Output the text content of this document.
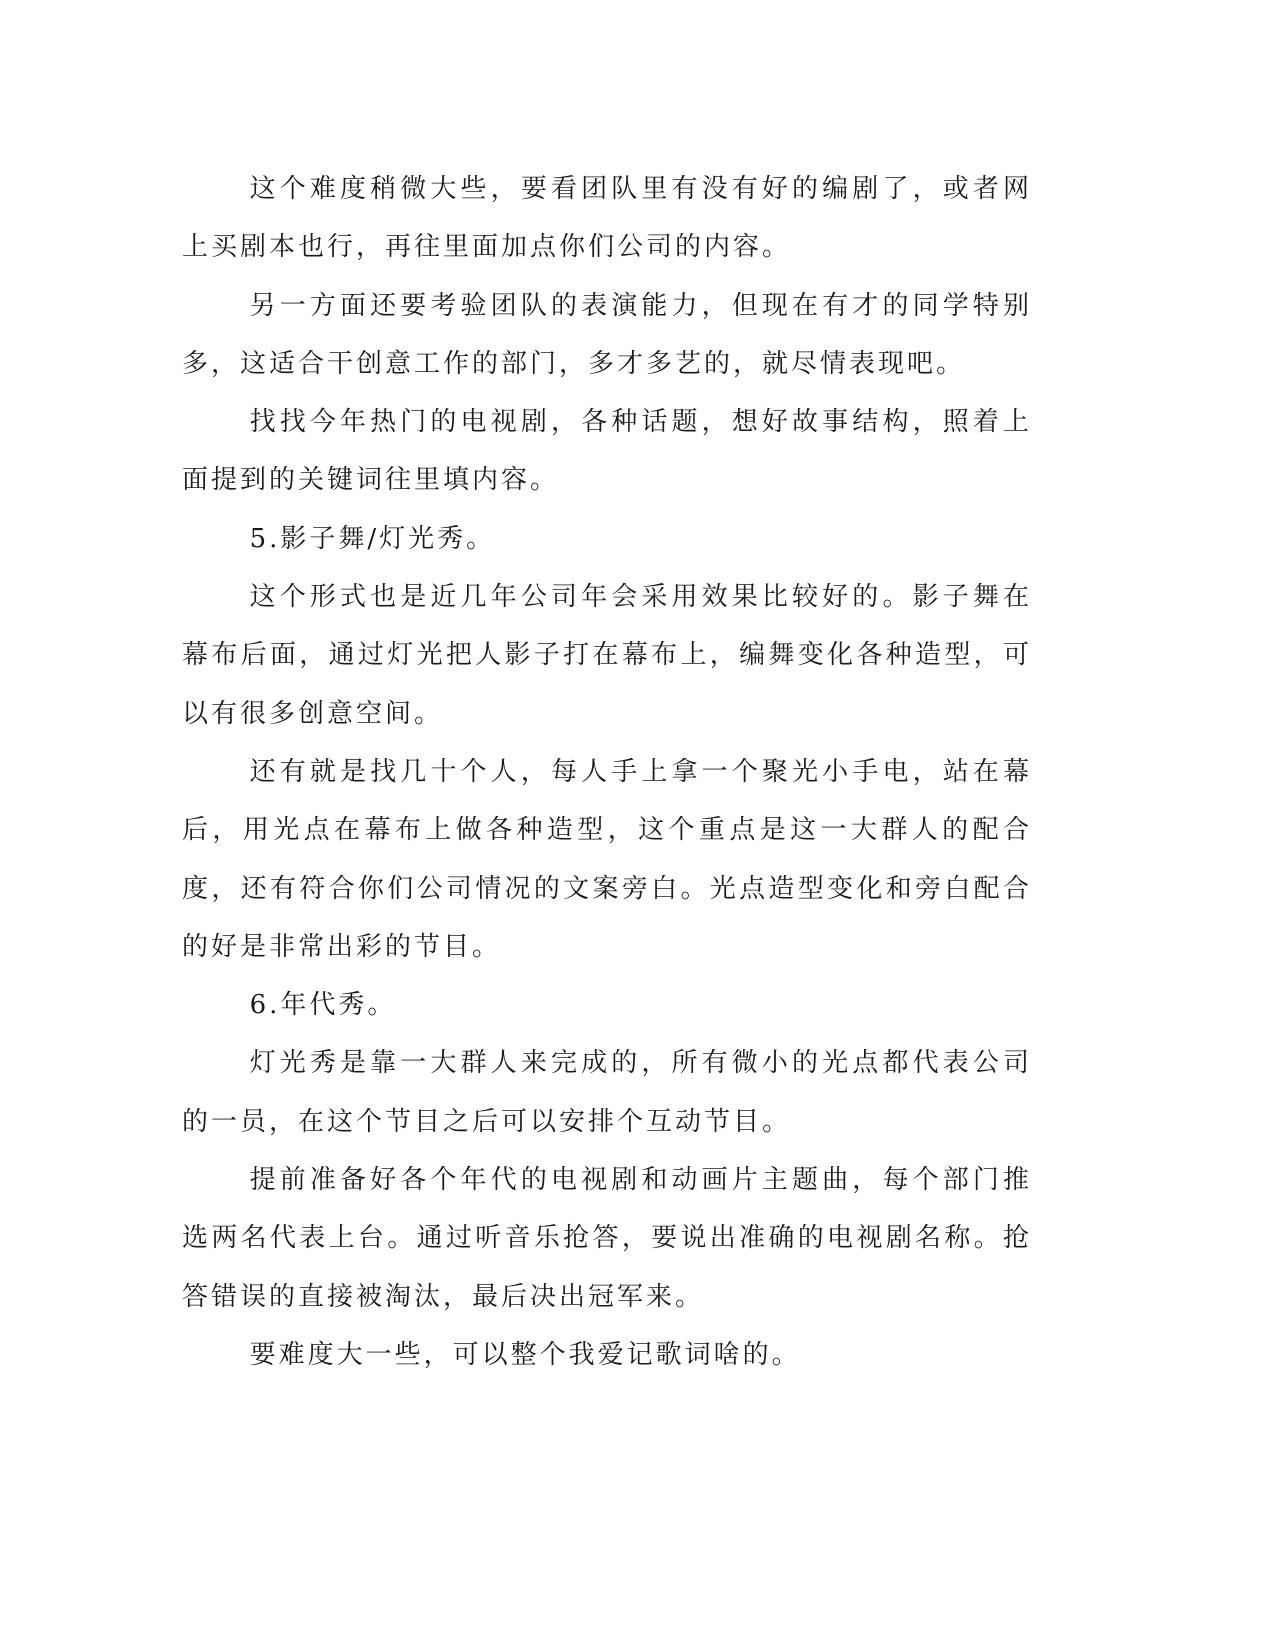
这个难度稍微大些，要看团队里有没有好的编剧了，或者网上买剧本也行，再往里面加点你们公司的内容。

另一方面还要考验团队的表演能力，但现在有才的同学特别多，这适合干创意工作的部门，多才多艺的，就尽情表现吧。

找找今年热门的电视剧，各种话题，想好故事结构，照着上面提到的关键词往里填内容。

5.影子舞/灯光秀。

这个形式也是近几年公司年会采用效果比较好的。影子舞在幕布后面，通过灯光把人影子打在幕布上，编舞变化各种造型，可以有很多创意空间。

还有就是找几十个人，每人手上拿一个聚光小手电，站在幕后，用光点在幕布上做各种造型，这个重点是这一大群人的配合度，还有符合你们公司情况的文案旁白。光点造型变化和旁白配合的好是非常出彩的节目。

6.年代秀。

灯光秀是靠一大群人来完成的，所有微小的光点都代表公司的一员，在这个节目之后可以安排个互动节目。

提前准备好各个年代的电视剧和动画片主题曲，每个部门推选两名代表上台。通过听音乐抢答，要说出准确的电视剧名称。抢答错误的直接被淘汰，最后决出冠军来。

要难度大一些，可以整个我爱记歌词啥的。
